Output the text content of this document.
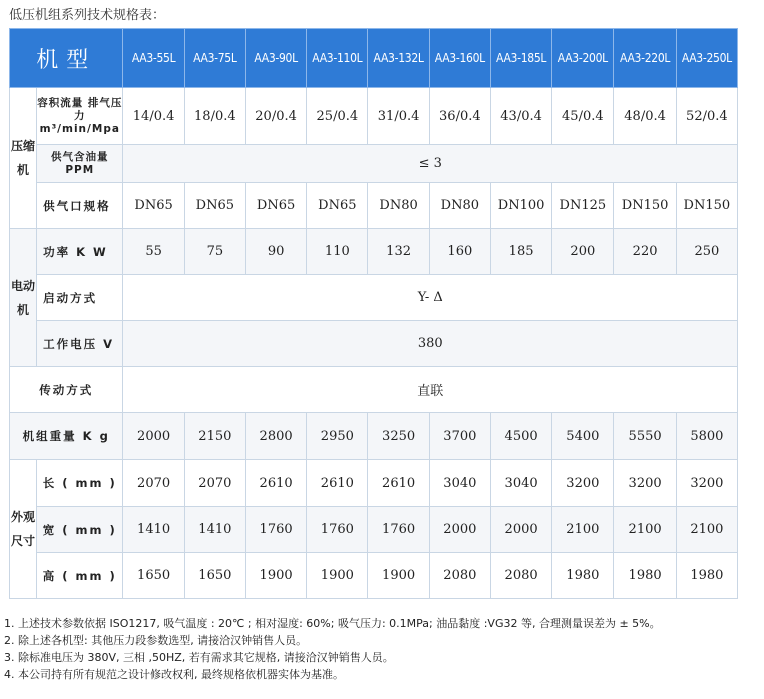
低压机组系列技术规格表：
机型		AA3-55L	AA3-75L	AA3-90L	AA3-110L	AA3-132L	AA3-160L	AA3-185L	AA3-200L	AA3-220L	AA3-250L
压缩机	容积流量 排气压力 m³/min/Mpa	14/0.4	18/0.4	20/0.4	25/0.4	31/0.4	36/0.4	43/0.4	45/0.4	48/0.4	52/0.4
	供气含油量 PPM	≤ 3									
	供气口规格	DN65	DN65	DN65	DN65	DN80	DN80	DN100	DN125	DN150	DN150
电动机	功率 K W	55	75	90	110	132	160	185	200	220	250
	启动方式	Y- Δ									
	工作电压 V	380									
传动方式		直联									
机组重量 K g		2000	2150	2800	2950	3250	3700	4500	5400	5550	5800
外观尺寸	长 ( mm )	2070	2070	2610	2610	2610	3040	3040	3200	3200	3200
	宽 ( mm )	1410	1410	1760	1760	1760	2000	2000	2100	2100	2100
	高 ( mm )	1650	1650	1900	1900	1900	2080	2080	1980	1980	1980
1. 上述技术参数依据 ISO1217, 吸气温度 : 20℃ ; 相对湿度: 60%; 吸气压力: 0.1MPa; 油品黏度 :VG32 等, 合理测量误差为 ± 5%。
2. 除上述各机型: 其他压力段参数选型, 请接洽汉钟销售人员。
3. 除标准电压为 380V, 三相 ,50HZ, 若有需求其它规格, 请接洽汉钟销售人员。
4. 本公司持有所有规范之设计修改权利, 最终规格依机器实体为基准。
